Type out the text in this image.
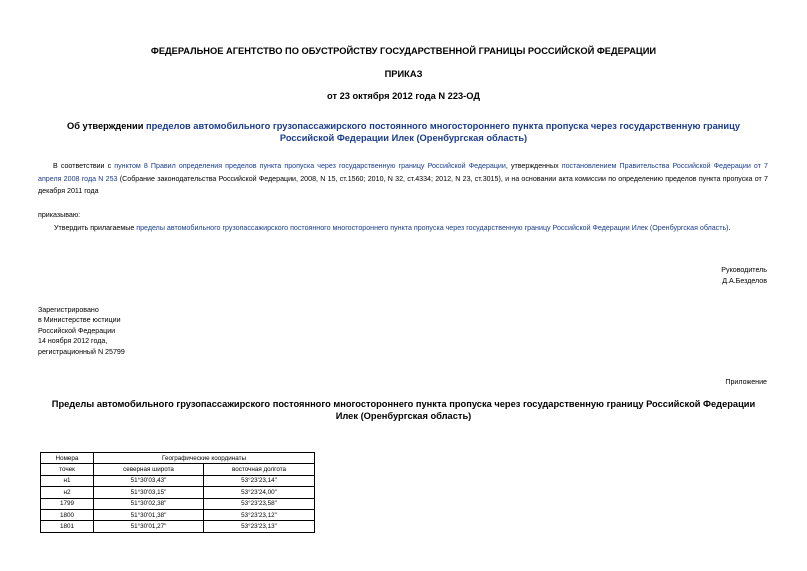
ФЕДЕРАЛЬНОЕ АГЕНТСТВО ПО ОБУСТРОЙСТВУ ГОСУДАРСТВЕННОЙ ГРАНИЦЫ РОССИЙСКОЙ ФЕДЕРАЦИИ
ПРИКАЗ
от 23 октября 2012 года N 223-ОД
Об утверждении пределов автомобильного грузопассажирского постоянного многостороннего пункта пропуска через государственную границу Российской Федерации Илек (Оренбургская область)
В соответствии с пунктом 8 Правил определения пределов пункта пропуска через государственную границу Российской Федерации, утвержденных постановлением Правительства Российской Федерации от 7 апреля 2008 года N 253 (Собрание законодательства Российской Федерации, 2008, N 15, ст.1560; 2010, N 32, ст.4334; 2012, N 23, ст.3015), и на основании акта комиссии по определению пределов пункта пропуска от 7 декабря 2011 года
приказываю:
Утвердить прилагаемые пределы автомобильного грузопассажирского постоянного многостороннего пункта пропуска через государственную границу Российской Федерации Илек (Оренбургская область).
Руководитель
Д.А.Безделов
Зарегистрировано
в Министерстве юстиции
Российской Федерации
14 ноября 2012 года,
регистрационный N 25799
Приложение
Пределы автомобильного грузопассажирского постоянного многостороннего пункта пропуска через государственную границу Российской Федерации Илек (Оренбургская область)
Номера	Географические координаты	
точек	северная широта	восточная долгота
н1	51°30'03,43"	53°23'23,14"
н2	51°30'03,15"	53°23'24,00"
1799	51°30'02,38"	53°23'23,58"
1800	51°30'01,38"	53°23'23,12"
1801	51°30'01,27"	53°23'23,13"
